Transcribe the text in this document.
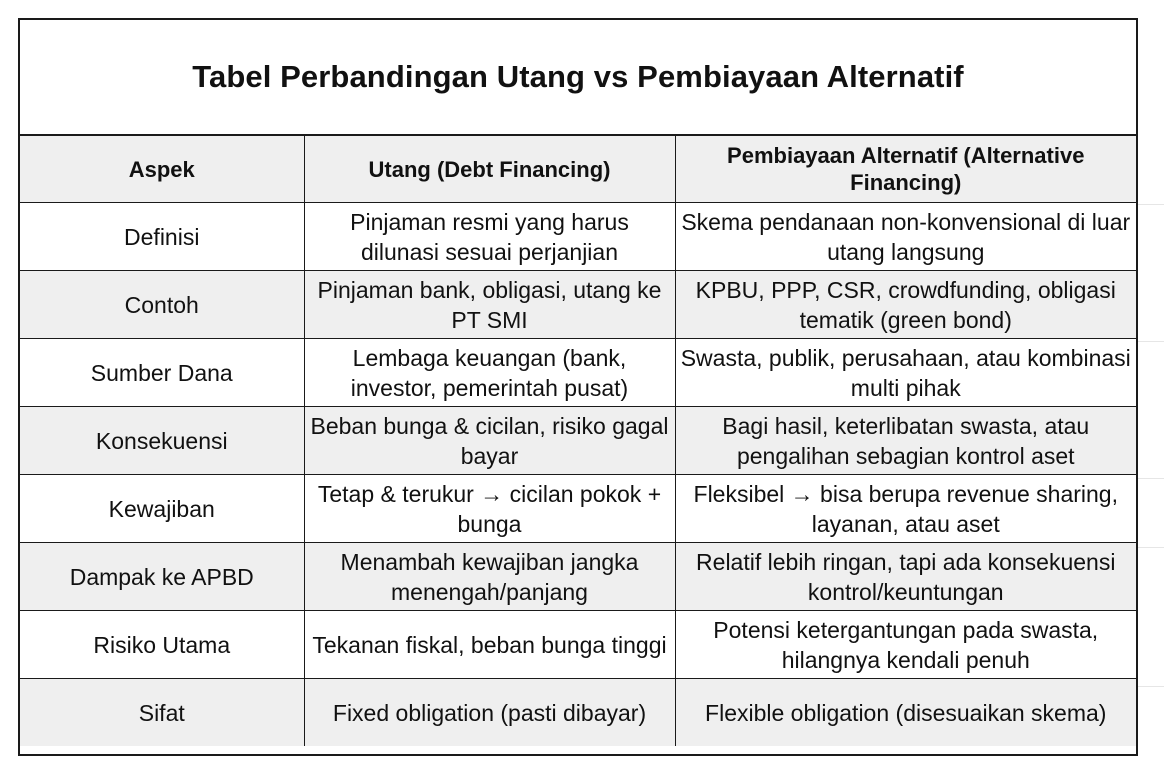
Tabel Perbandingan Utang vs Pembiayaan Alternatif
Aspek	Utang (Debt Financing)	Pembiayaan Alternatif (Alternative Financing)
Definisi	Pinjaman resmi yang harus dilunasi sesuai perjanjian	Skema pendanaan non-konvensional di luar utang langsung
Contoh	Pinjaman bank, obligasi, utang ke PT SMI	KPBU, PPP, CSR, crowdfunding, obligasi tematik (green bond)
Sumber Dana	Lembaga keuangan (bank, investor, pemerintah pusat)	Swasta, publik, perusahaan, atau kombinasi multi pihak
Konsekuensi	Beban bunga & cicilan, risiko gagal bayar	Bagi hasil, keterlibatan swasta, atau pengalihan sebagian kontrol aset
Kewajiban	Tetap & terukur → cicilan pokok + bunga	Fleksibel → bisa berupa revenue sharing, layanan, atau aset
Dampak ke APBD	Menambah kewajiban jangka menengah/panjang	Relatif lebih ringan, tapi ada konsekuensi kontrol/keuntungan
Risiko Utama	Tekanan fiskal, beban bunga tinggi	Potensi ketergantungan pada swasta, hilangnya kendali penuh
Sifat	Fixed obligation (pasti dibayar)	Flexible obligation (disesuaikan skema)
